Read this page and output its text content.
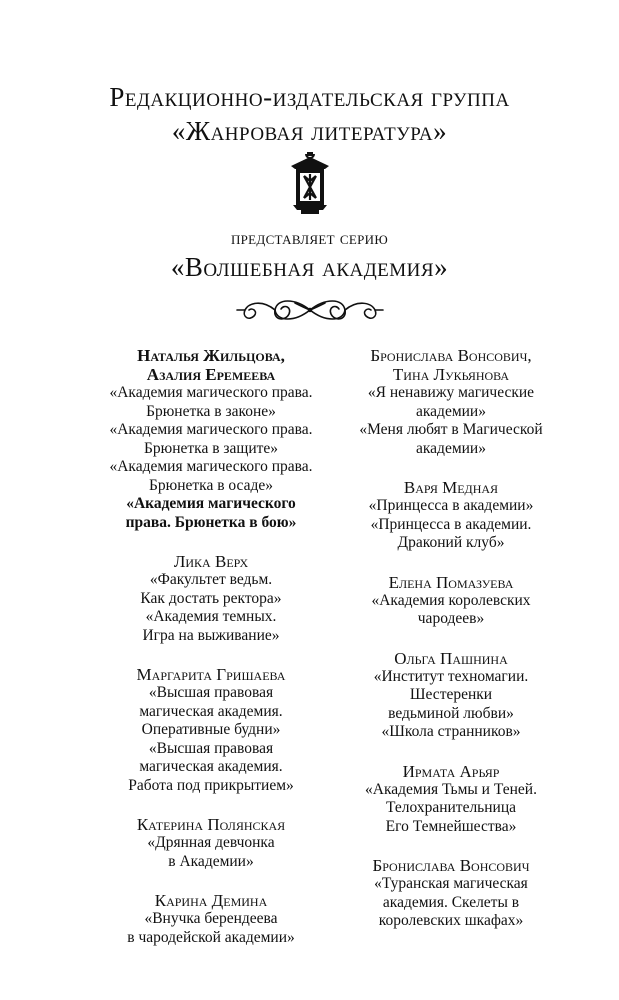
Редакционно-издательская группа
«Жанровая литература»
представляет серию
«Волшебная академия»
Наталья Жильцова,
Азалия Еремеева
«Академия магического права.
Брюнетка в законе»
«Академия магического права.
Брюнетка в защите»
«Академия магического права.
Брюнетка в осаде»
«Академия магического
права. Брюнетка в бою»
Лика Верх
«Факультет ведьм.
Как достать ректора»
«Академия темных.
Игра на выживание»
Маргарита Гришаева
«Высшая правовая
магическая академия.
Оперативные будни»
«Высшая правовая
магическая академия.
Работа под прикрытием»
Катерина Полянская
«Дрянная девчонка
в Академии»
Карина Демина
«Внучка берендеева
в чародейской академии»
Бронислава Вонсович,
Тина Лукьянова
«Я ненавижу магические
академии»
«Меня любят в Магической
академии»
Варя Медная
«Принцесса в академии»
«Принцесса в академии.
Драконий клуб»
Елена Помазуева
«Академия королевских
чародеев»
Ольга Пашнина
«Институт техномагии.
Шестеренки
ведьминой любви»
«Школа странников»
Ирмата Арьяр
«Академия Тьмы и Теней.
Телохранительница
Его Темнейшества»
Бронислава Вонсович
«Туранская магическая
академия. Скелеты в
королевских шкафах»
